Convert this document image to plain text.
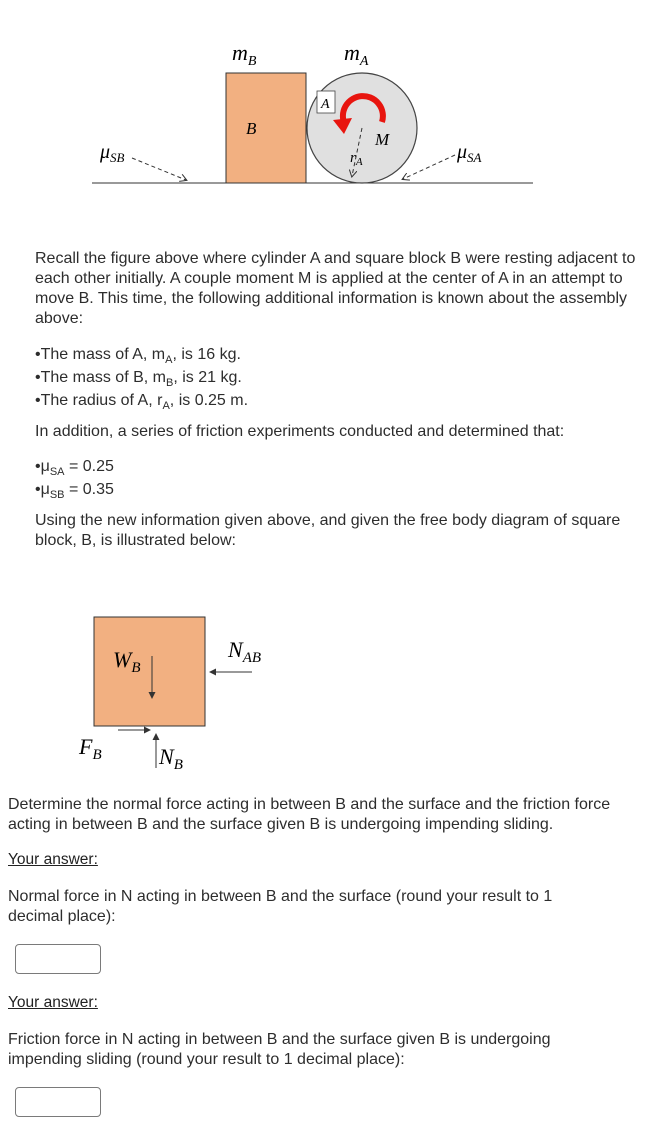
$m_B$	$m_A$
B
A
M
$r_A$
$\mu_{SB}$	$\mu_{SA}$
Recall the figure above where cylinder A and square block B were resting adjacent to each other initially. A couple moment M is applied at the center of A in an attempt to move B. This time, the following additional information is known about the assembly above:
•The mass of A, $m_A$, is 16 kg.
•The mass of B, $m_B$, is 21 kg.
•The radius of A, $r_A$, is 0.25 m.
In addition, a series of friction experiments conducted and determined that:
$•\mu_{SA} = 0.25$
$•\mu_{SB} = 0.35$
Using the new information given above, and given the free body diagram of square block, B, is illustrated below:
$W_B$
$N_{AB}$
$F_B$	$N_B$
Determine the normal force acting in between B and the surface and the friction force acting in between B and the surface given B is undergoing impending sliding.
Your answer:
Normal force in N acting in between B and the surface (round your result to 1 decimal place):
Your answer:
Friction force in N acting in between B and the surface given B is undergoing impending sliding (round your result to 1 decimal place):
